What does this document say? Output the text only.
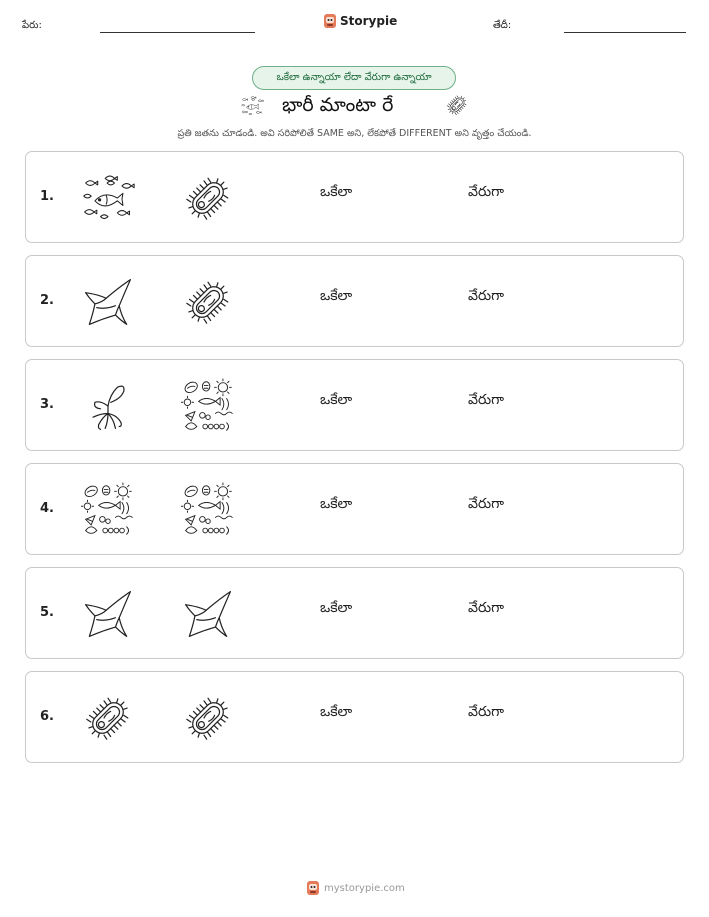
పేరు:	Storypie	తేదీ:
ఒకేలా ఉన్నాయా లేదా వేరుగా ఉన్నాయా
భారీ మాంటా రే
ప్రతి జతను చూడండి. అవి సరిపోలితే SAME అని, లేకపోతే DIFFERENT అని వృత్తం చేయండి.
1.	ఒకేలా	వేరుగా
2.	ఒకేలా	వేరుగా
3.	ఒకేలా	వేరుగా
4.	ఒకేలా	వేరుగా
5.	ఒకేలా	వేరుగా
6.	ఒకేలా	వేరుగా
mystorypie.com
